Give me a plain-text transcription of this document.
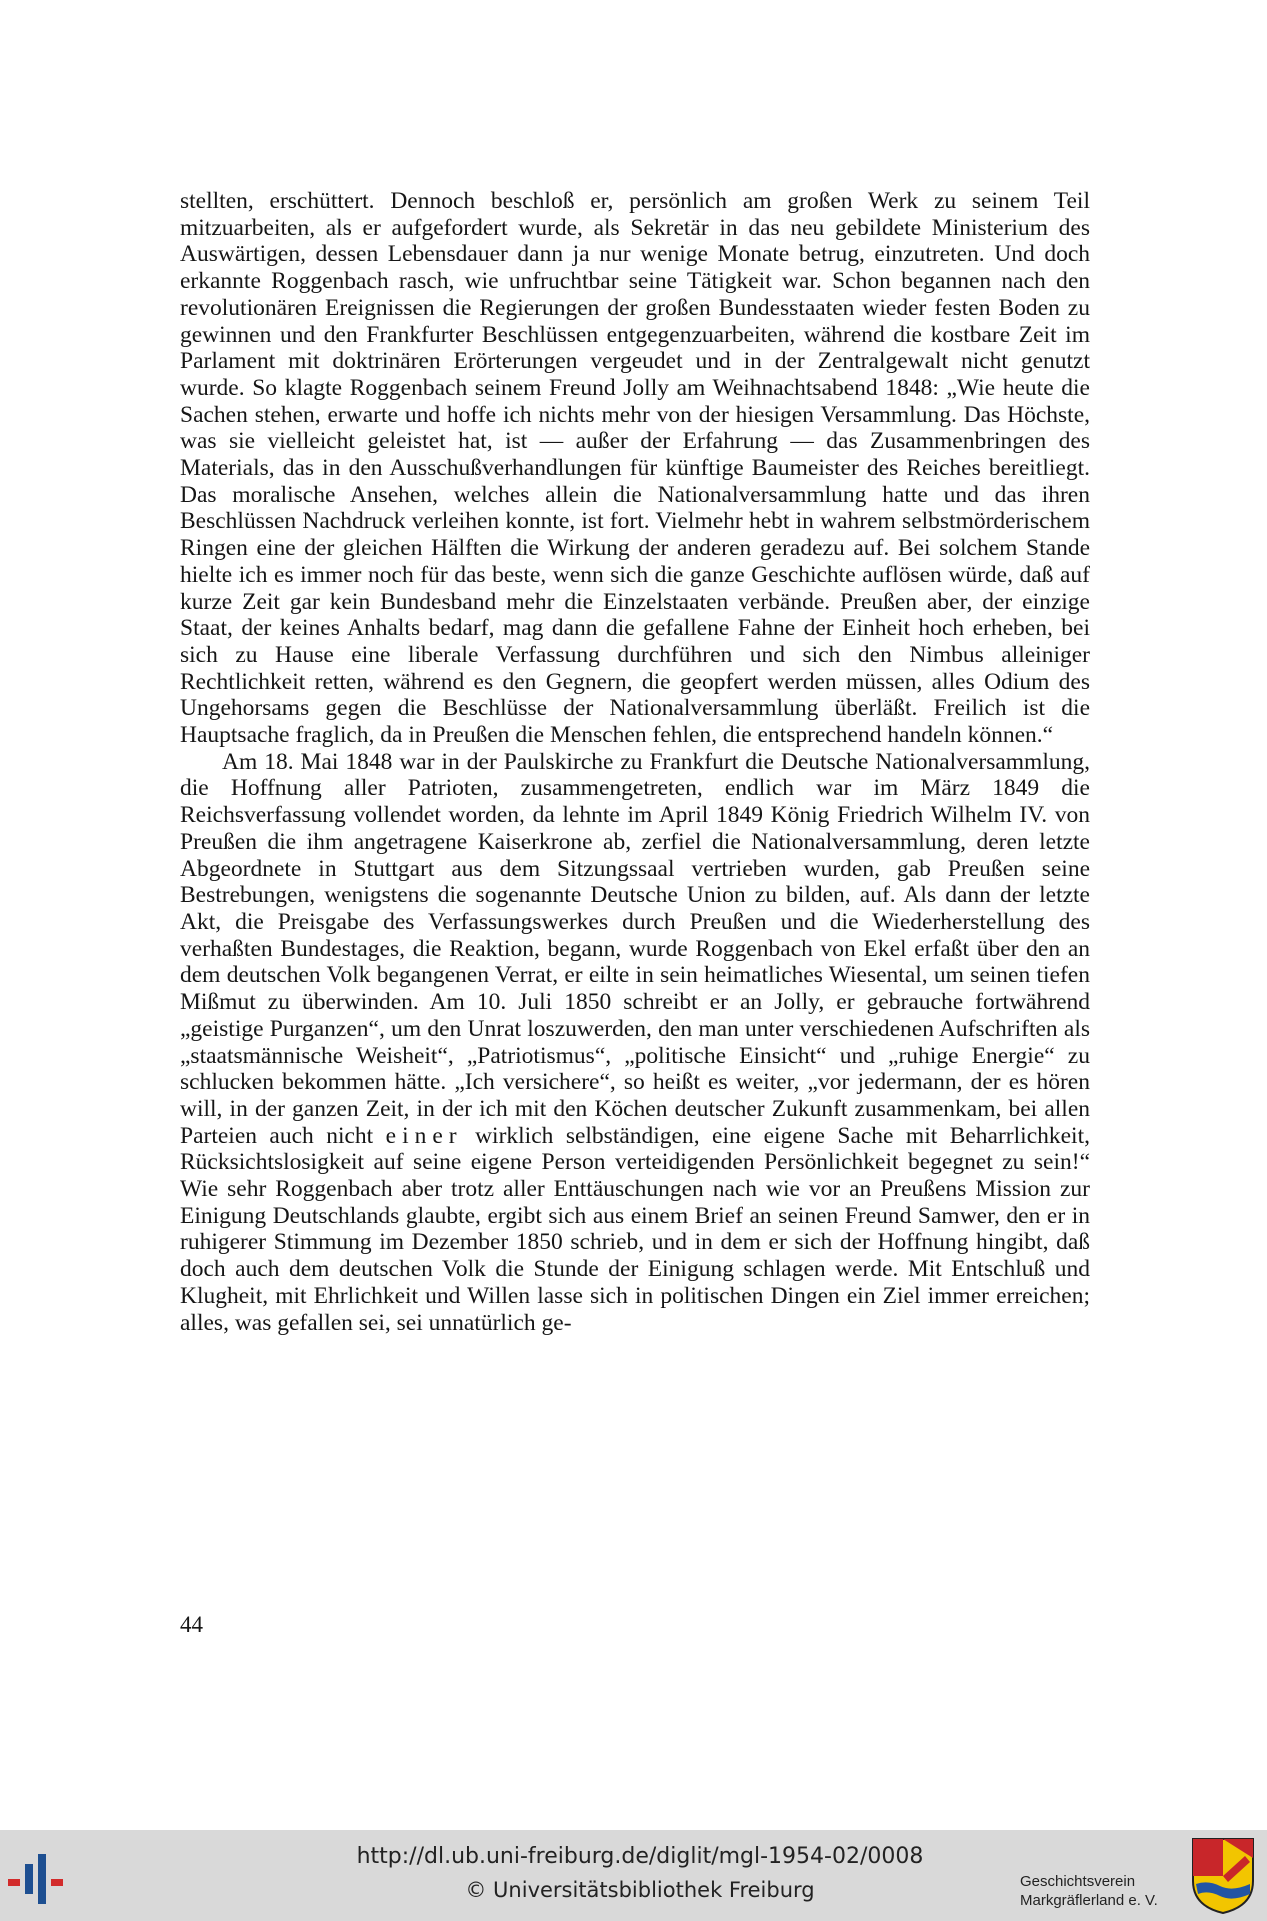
stellten, erschüttert. Dennoch beschloß er, persönlich am großen Werk zu seinem Teil mitzuarbeiten, als er aufgefordert wurde, als Sekretär in das neu gebildete Ministerium des Auswärtigen, dessen Lebensdauer dann ja nur wenige Monate betrug, einzutreten. Und doch erkannte Roggenbach rasch, wie unfruchtbar seine Tätigkeit war. Schon begannen nach den revolutionären Ereignissen die Regierungen der großen Bundesstaaten wieder festen Boden zu gewinnen und den Frankfurter Beschlüssen entgegenzuarbeiten, während die kostbare Zeit im Parlament mit doktrinären Erörterungen vergeudet und in der Zentralgewalt nicht genutzt wurde. So klagte Roggenbach seinem Freund Jolly am Weihnachtsabend 1848: „Wie heute die Sachen stehen, erwarte und hoffe ich nichts mehr von der hiesigen Versammlung. Das Höchste, was sie vielleicht geleistet hat, ist — außer der Erfahrung — das Zusammenbringen des Materials, das in den Ausschußverhandlungen für künftige Baumeister des Reiches bereitliegt. Das moralische Ansehen, welches allein die Nationalversammlung hatte und das ihren Beschlüssen Nachdruck verleihen konnte, ist fort. Vielmehr hebt in wahrem selbstmörderischem Ringen eine der gleichen Hälften die Wirkung der anderen geradezu auf. Bei solchem Stande hielte ich es immer noch für das beste, wenn sich die ganze Geschichte auflösen würde, daß auf kurze Zeit gar kein Bundesband mehr die Einzelstaaten verbände. Preußen aber, der einzige Staat, der keines Anhalts bedarf, mag dann die gefallene Fahne der Einheit hoch erheben, bei sich zu Hause eine liberale Verfassung durchführen und sich den Nimbus alleiniger Rechtlichkeit retten, während es den Gegnern, die geopfert werden müssen, alles Odium des Ungehorsams gegen die Beschlüsse der Nationalversammlung überläßt. Freilich ist die Hauptsache fraglich, da in Preußen die Menschen fehlen, die entsprechend handeln können.“

Am 18. Mai 1848 war in der Paulskirche zu Frankfurt die Deutsche Nationalversammlung, die Hoffnung aller Patrioten, zusammengetreten, endlich war im März 1849 die Reichsverfassung vollendet worden, da lehnte im April 1849 König Friedrich Wilhelm IV. von Preußen die ihm angetragene Kaiserkrone ab, zerfiel die Nationalversammlung, deren letzte Abgeordnete in Stuttgart aus dem Sitzungssaal vertrieben wurden, gab Preußen seine Bestrebungen, wenigstens die sogenannte Deutsche Union zu bilden, auf. Als dann der letzte Akt, die Preisgabe des Verfassungswerkes durch Preußen und die Wiederherstellung des verhaßten Bundestages, die Reaktion, begann, wurde Roggenbach von Ekel erfaßt über den an dem deutschen Volk begangenen Verrat, er eilte in sein heimatliches Wiesental, um seinen tiefen Mißmut zu überwinden. Am 10. Juli 1850 schreibt er an Jolly, er gebrauche fortwährend „geistige Purganzen“, um den Unrat loszuwerden, den man unter verschiedenen Aufschriften als „staatsmännische Weisheit“, „Patriotismus“, „politische Einsicht“ und „ruhige Energie“ zu schlucken bekommen hätte. „Ich versichere“, so heißt es weiter, „vor jedermann, der es hören will, in der ganzen Zeit, in der ich mit den Köchen deutscher Zukunft zusammenkam, bei allen Parteien auch nicht einer wirklich selbständigen, eine eigene Sache mit Beharrlichkeit, Rücksichtslosigkeit auf seine eigene Person verteidigenden Persönlichkeit begegnet zu sein!“ Wie sehr Roggenbach aber trotz aller Enttäuschungen nach wie vor an Preußens Mission zur Einigung Deutschlands glaubte, ergibt sich aus einem Brief an seinen Freund Samwer, den er in ruhigerer Stimmung im Dezember 1850 schrieb, und in dem er sich der Hoffnung hingibt, daß doch auch dem deutschen Volk die Stunde der Einigung schlagen werde. Mit Entschluß und Klugheit, mit Ehrlichkeit und Willen lasse sich in politischen Dingen ein Ziel immer erreichen; alles, was gefallen sei, sei unnatürlich ge-

44
http://dl.ub.uni-freiburg.de/diglit/mgl-1954-02/0008
© Universitätsbibliothek Freiburg	Geschichtsverein
Markgräflerland e. V.
